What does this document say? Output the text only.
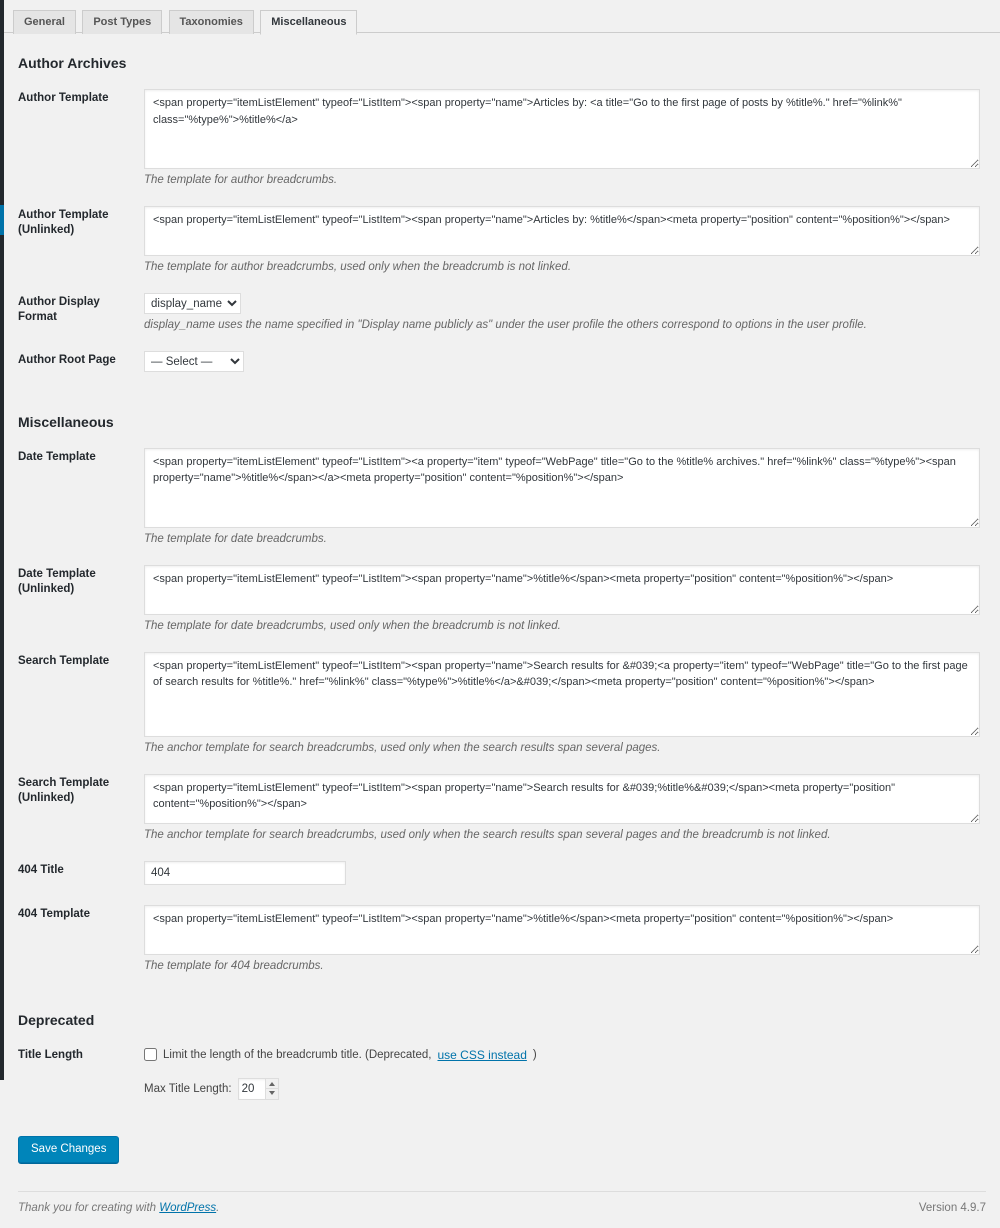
General	Post Types	Taxonomies	Miscellaneous
Author Archives
Author Template	
<span property="itemListElement" typeof="ListItem"><span property="name">Articles by: <a title="Go to the first page of posts by %title%." href="%link%" class="%type%">%title%</a>

The template for author breadcrumbs.

Author Template (Unlinked)	
<span property="itemListElement" typeof="ListItem"><span property="name">Articles by: %title%</span><meta property="position" content="%position%"></span>

The template for author breadcrumbs, used only when the breadcrumb is not linked.

Author Display Format	
display_name

display_name uses the name specified in "Display name publicly as" under the user profile the others correspond to options in the user profile.

Author Root Page	
— Select —
Miscellaneous
Date Template	
<span property="itemListElement" typeof="ListItem"><a property="item" typeof="WebPage" title="Go to the %title% archives." href="%link%" class="%type%"><span property="name">%title%</span></a><meta property="position" content="%position%"></span>

The template for date breadcrumbs.

Date Template (Unlinked)	
<span property="itemListElement" typeof="ListItem"><span property="name">%title%</span><meta property="position" content="%position%"></span>

The template for date breadcrumbs, used only when the breadcrumb is not linked.

Search Template	
<span property="itemListElement" typeof="ListItem"><span property="name">Search results for &#039;<a property="item" typeof="WebPage" title="Go to the first page of search results for %title%." href="%link%" class="%type%">%title%</a>&#039;</span><meta property="position" content="%position%"></span>

The anchor template for search breadcrumbs, used only when the search results span several pages.

Search Template (Unlinked)	
<span property="itemListElement" typeof="ListItem"><span property="name">Search results for &#039;%title%&#039;</span><meta property="position" content="%position%"></span>

The anchor template for search breadcrumbs, used only when the search results span several pages and the breadcrumb is not linked.

404 Title	404
404 Template	
<span property="itemListElement" typeof="ListItem"><span property="name">%title%</span><meta property="position" content="%position%"></span>

The template for 404 breadcrumbs.

Deprecated
Title Length	Limit the length of the breadcrumb title. (Deprecated, use CSS instead )
Max Title Length:
20
Save Changes
Thank you for creating with WordPress.	Version 4.9.7
